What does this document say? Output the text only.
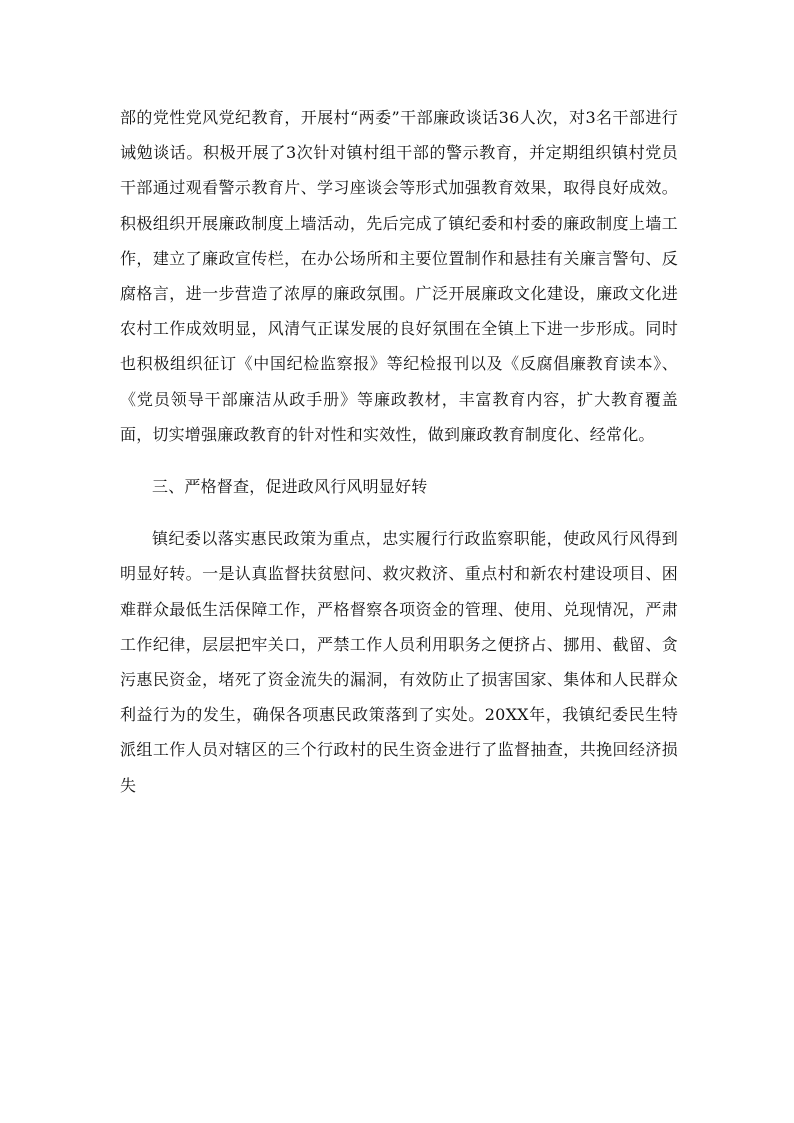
部的党性党风党纪教育，开展村“两委”干部廉政谈话36人次，对3名干部进行诫勉谈话。积极开展了3次针对镇村组干部的警示教育，并定期组织镇村党员干部通过观看警示教育片、学习座谈会等形式加强教育效果，取得良好成效。积极组织开展廉政制度上墙活动，先后完成了镇纪委和村委的廉政制度上墙工作，建立了廉政宣传栏，在办公场所和主要位置制作和悬挂有关廉言警句、反腐格言，进一步营造了浓厚的廉政氛围。广泛开展廉政文化建设，廉政文化进农村工作成效明显，风清气正谋发展的良好氛围在全镇上下进一步形成。同时也积极组织征订《中国纪检监察报》等纪检报刊以及《反腐倡廉教育读本》、《党员领导干部廉洁从政手册》等廉政教材，丰富教育内容，扩大教育覆盖面，切实增强廉政教育的针对性和实效性，做到廉政教育制度化、经常化。

三、严格督查，促进政风行风明显好转

镇纪委以落实惠民政策为重点，忠实履行行政监察职能，使政风行风得到明显好转。一是认真监督扶贫慰问、救灾救济、重点村和新农村建设项目、困难群众最低生活保障工作，严格督察各项资金的管理、使用、兑现情况，严肃工作纪律，层层把牢关口，严禁工作人员利用职务之便挤占、挪用、截留、贪污惠民资金，堵死了资金流失的漏洞，有效防止了损害国家、集体和人民群众利益行为的发生，确保各项惠民政策落到了实处。20XX年，我镇纪委民生特派组工作人员对辖区的三个行政村的民生资金进行了监督抽查，共挽回经济损失
